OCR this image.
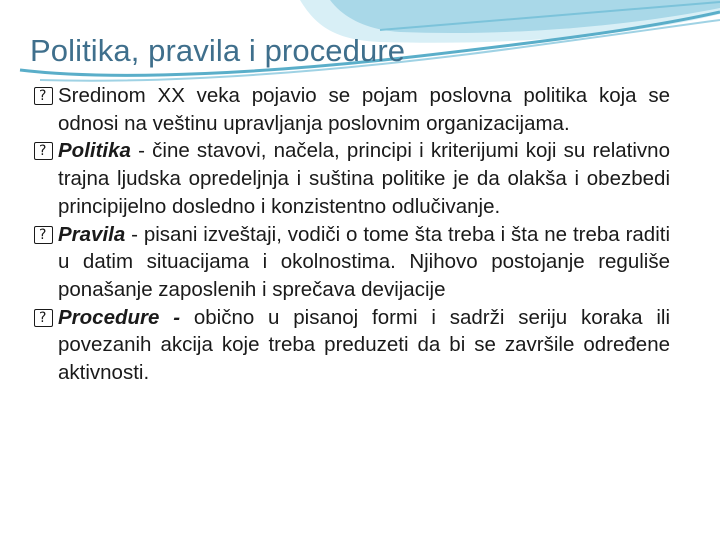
Politika, pravila i procedure

?
Sredinom XX veka pojavio se pojam poslovna politika koja se odnosi na veštinu upravljanja poslovnim organizacijama.

?
Politika - čine stavovi, načela, principi i kriterijumi koji su relativno trajna ljudska opredeljnja i suština politike je da olakša i obezbedi principijelno dosledno i konzistentno odlučivanje.

?
Pravila - pisani izveštaji, vodiči o tome šta treba i šta ne treba raditi u datim situacijama i okolnostima. Njihovo postojanje reguliše ponašanje zaposlenih i sprečava devijacije

?
Procedure - obično u pisanoj formi i sadrži seriju koraka ili povezanih akcija koje treba preduzeti da bi se završile određene aktivnosti.
